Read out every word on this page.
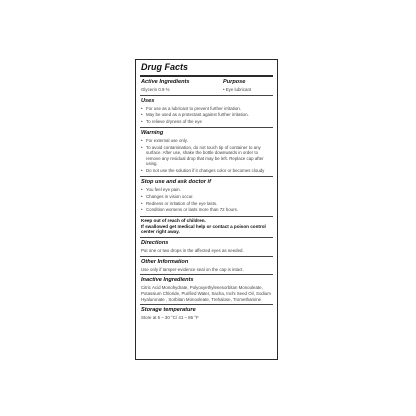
Drug Facts
Active Ingredients	Purpose
Glycerin 0.9 %	• Eye lubricant
Uses
• For use as a lubricant to prevent further irritation.
• May be used as a protectant against further irritation.
• To relieve dryness of the eye
Warning
• For external use only.
• To avoid contamination, do not touch tip of container to any surface. After use, shake the bottle downwards in order to remove any residual drop that may be left. Replace cap after using.
• Do not use the solution if it changes color or becomes cloudy
Stop use and ask doctor if
• You feel eye pain.
• Changes in vision occur.
• Redness or irritation of the eye lasts.
• Condition worsens or lasts more than 72 hours.
Keep out of reach of children.
If swallowed get medical help or contact a poison control center right away.
Directions
Put one or two drops in the affected eyes as needed.
Other Information
Use only if tamper-evidence seal on the cap is intact.
Inactive Ingredients
Citric Acid Monohydrate, Polyoxyethylenesorbitan Monooleate, Potassium Chloride, Purified Water, Sacha, Inchi Seed Oil, Sodium Hyaluronate , Sorbitan Monooleate, Trehalose, Tromethamine
Storage temperature
Store at 5 – 30 °C/ 41 – 86 °F
